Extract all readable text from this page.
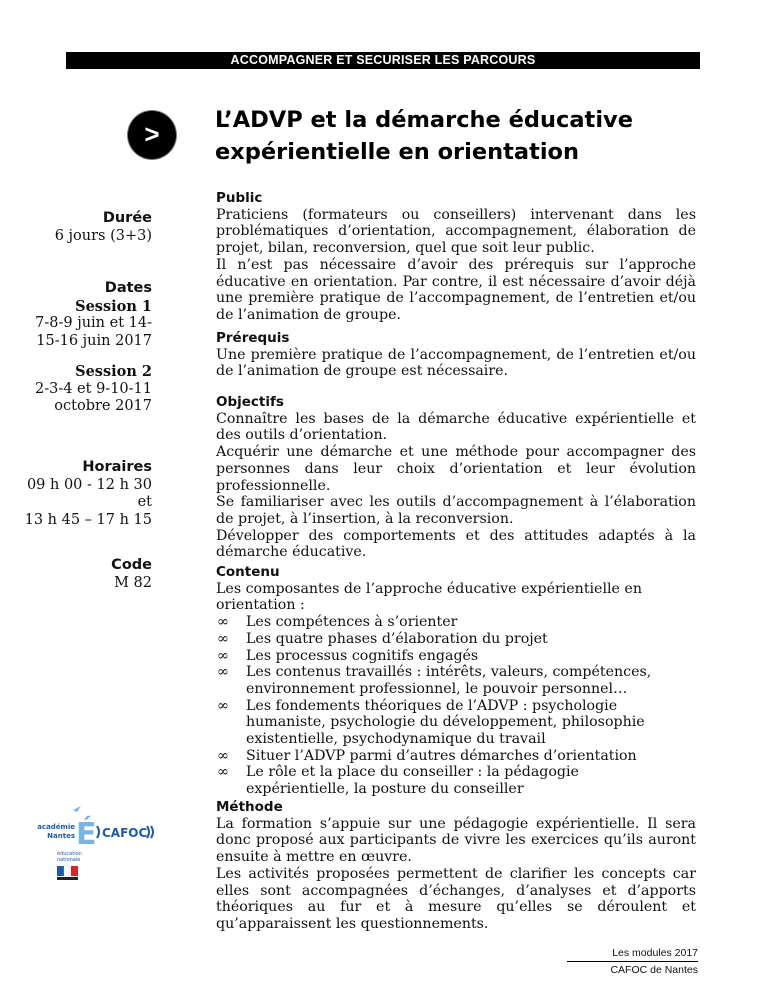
ACCOMPAGNER ET SECURISER LES PARCOURS
>	L’ADVP et la démarche éducative
expérientielle en orientation
Durée
6 jours (3+3)
Dates
Session 1
7-8-9 juin et 14-
15-16 juin 2017
Session 2
2-3-4 et 9-10-11
octobre 2017
Horaires
09 h 00 - 12 h 30
et
13 h 45 – 17 h 15
Code
M 82
Public

Praticiens (formateurs ou conseillers) intervenant dans les problématiques d’orientation, accompagnement, élaboration de projet, bilan, reconversion, quel que soit leur public.

Il n’est pas nécessaire d’avoir des prérequis sur l’approche éducative en orientation. Par contre, il est nécessaire d’avoir déjà une première pratique de l’accompagnement, de l’entretien et/ou de l’animation de groupe.

Prérequis

Une première pratique de l’accompagnement, de l’entretien et/ou de l’animation de groupe est nécessaire.

Objectifs

Connaître les bases de la démarche éducative expérientielle et des outils d’orientation.

Acquérir une démarche et une méthode pour accompagner des personnes dans leur choix d’orientation et leur évolution professionnelle.

Se familiariser avec les outils d’accompagnement à l’élaboration de projet, à l’insertion, à la reconversion.

Développer des comportements et des attitudes adaptés à la démarche éducative.

Contenu
Les composantes de l’approche éducative expérientielle en orientation :
∞ Les compétences à s’orienter
∞ Les quatre phases d’élaboration du projet
∞ Les processus cognitifs engagés
∞ Les contenus travaillés : intérêts, valeurs, compétences, environnement professionnel, le pouvoir personnel…
∞ Les fondements théoriques de l’ADVP : psychologie humaniste, psychologie du développement, philosophie existentielle, psychodynamique du travail
∞ Situer l’ADVP parmi d’autres démarches d’orientation
∞ Le rôle et la place du conseiller : la pédagogie expérientielle, la posture du conseiller
Méthode

La formation s’appuie sur une pédagogie expérientielle. Il sera donc proposé aux participants de vivre les exercices qu’ils auront ensuite à mettre en œuvre.

Les activités proposées permettent de clarifier les concepts car elles sont accompagnées d’échanges, d’analyses et d’apports théoriques au fur et à mesure qu’elles se déroulent et qu’apparaissent les questionnements.

académie
Nantes É CAFOC
éducation
nationale
Les modules 2017
CAFOC de Nantes
